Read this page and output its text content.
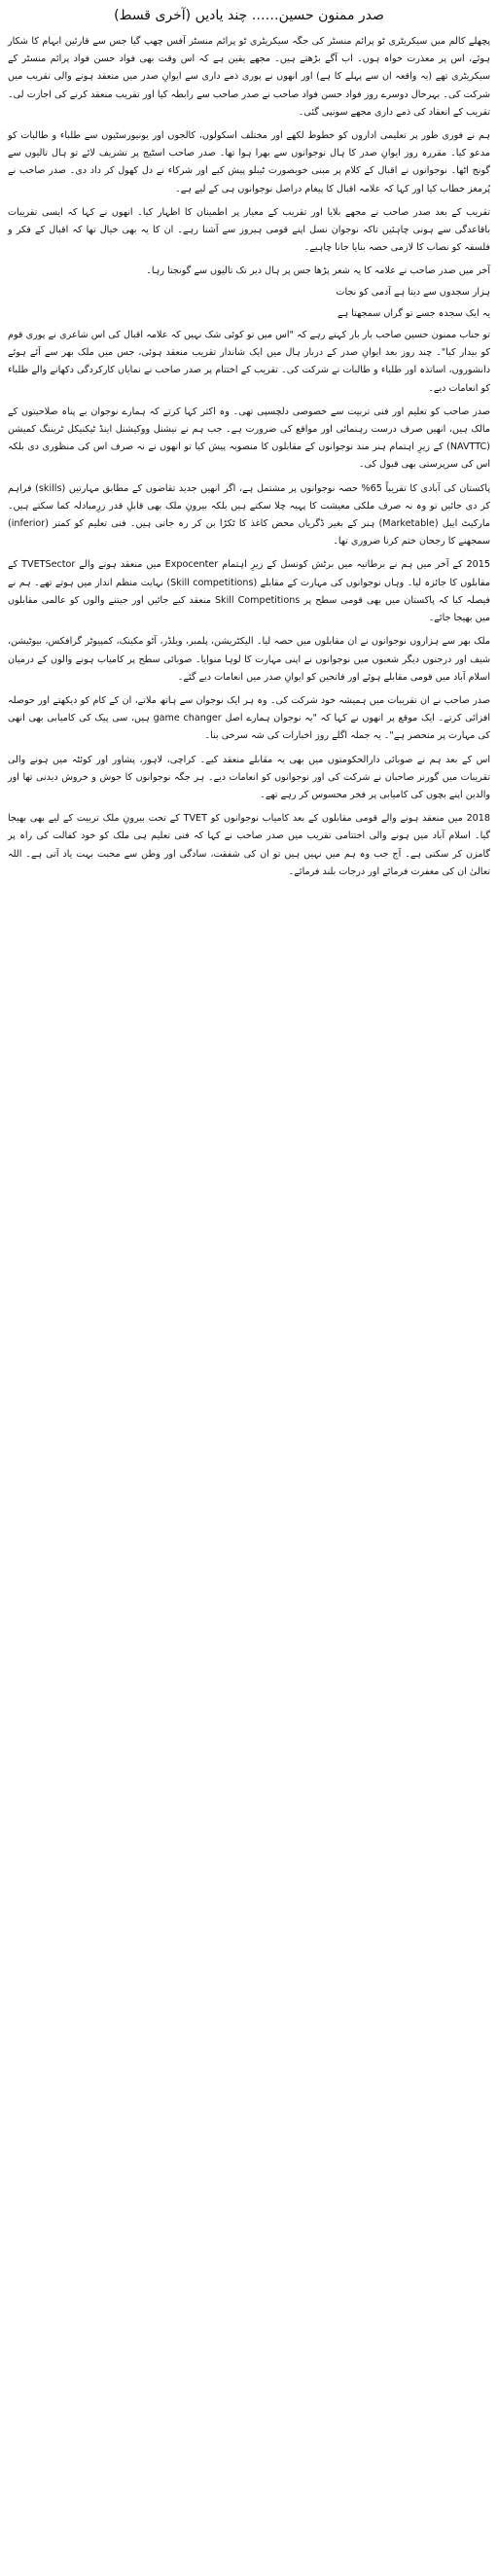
صدر ممنون حسین…… چند یادیں (آخری قسط)

پچھلے کالم میں سیکریٹری ٹو پرائم منسٹر کی جگہ سیکریٹری ٹو پرائم منسٹر آفس چھپ گیا جس سے قارئین ابہام کا شکار ہوئے، اس پر معذرت خواہ ہوں۔ اب آگے بڑھتے ہیں۔ مجھے یقین ہے کہ اس وقت بھی فواد حسن فواد پرائم منسٹر کے سیکریٹری تھے (یہ واقعہ ان سے پہلے کا ہے) اور انھوں نے پوری ذمے داری سے ایوانِ صدر میں منعقد ہونے والی تقریب میں شرکت کی۔ بہرحال دوسرے روز فواد حسن فواد صاحب نے صدر صاحب سے رابطہ کیا اور تقریب منعقد کرنے کی اجازت لی۔ تقریب کے انعقاد کی ذمے داری مجھے سونپی گئی۔

ہم نے فوری طور پر تعلیمی اداروں کو خطوط لکھے اور مختلف اسکولوں، کالجوں اور یونیورسٹیوں سے طلباء و طالبات کو مدعو کیا۔ مقررہ روز ایوانِ صدر کا ہال نوجوانوں سے بھرا ہوا تھا۔ صدر صاحب اسٹیج پر تشریف لائے تو ہال تالیوں سے گونج اٹھا۔ نوجوانوں نے اقبال کے کلام پر مبنی خوبصورت ٹیبلو پیش کیے اور شرکاء نے دل کھول کر داد دی۔ صدر صاحب نے پُرمغز خطاب کیا اور کہا کہ علامہ اقبال کا پیغام دراصل نوجوانوں ہی کے لیے ہے۔

تقریب کے بعد صدر صاحب نے مجھے بلایا اور تقریب کے معیار پر اطمینان کا اظہار کیا۔ انھوں نے کہا کہ ایسی تقریبات باقاعدگی سے ہونی چاہئیں تاکہ نوجوان نسل اپنے قومی ہیروز سے آشنا رہے۔ ان کا یہ بھی خیال تھا کہ اقبال کے فکر و فلسفہ کو نصاب کا لازمی حصہ بنایا جانا چاہیے۔

آخر میں صدر صاحب نے علامہ کا یہ شعر پڑھا جس پر ہال دیر تک تالیوں سے گونجتا رہا۔

ہزار سجدوں سے دیتا ہے آدمی کو نجات
یہ ایک سجدہ جسے تو گراں سمجھتا ہے

تو جناب ممنون حسین صاحب بار بار کہتے رہے کہ "اس میں تو کوئی شک نہیں کہ علامہ اقبال کی اس شاعری نے پوری قوم کو بیدار کیا"۔ چند روز بعد ایوانِ صدر کے دربار ہال میں ایک شاندار تقریب منعقد ہوئی، جس میں ملک بھر سے آئے ہوئے دانشوروں، اساتذہ اور طلباء و طالبات نے شرکت کی۔ تقریب کے اختتام پر صدر صاحب نے نمایاں کارکردگی دکھانے والے طلباء کو انعامات دیے۔

صدر صاحب کو تعلیم اور فنی تربیت سے خصوصی دلچسپی تھی۔ وہ اکثر کہا کرتے کہ ہمارے نوجوان بے پناہ صلاحیتوں کے مالک ہیں، انھیں صرف درست رہنمائی اور مواقع کی ضرورت ہے۔ جب ہم نے نیشنل ووکیشنل اینڈ ٹیکنیکل ٹریننگ کمیشن (NAVTTC) کے زیرِ اہتمام ہنر مند نوجوانوں کے مقابلوں کا منصوبہ پیش کیا تو انھوں نے نہ صرف اس کی منظوری دی بلکہ اس کی سرپرستی بھی قبول کی۔

پاکستان کی آبادی کا تقریباً 65% حصہ نوجوانوں پر مشتمل ہے، اگر انھیں جدید تقاضوں کے مطابق مہارتیں (skills) فراہم کر دی جائیں تو وہ نہ صرف ملکی معیشت کا پہیہ چلا سکتے ہیں بلکہ بیرونِ ملک بھی قابلِ قدر زرِمبادلہ کما سکتے ہیں۔ مارکیٹ ایبل (Marketable) ہنر کے بغیر ڈگریاں محض کاغذ کا ٹکڑا بن کر رہ جاتی ہیں۔ فنی تعلیم کو کمتر (inferior) سمجھنے کا رجحان ختم کرنا ضروری تھا۔

2015 کے آخر میں ہم نے برطانیہ میں برٹش کونسل کے زیرِ اہتمام Expocenter میں منعقد ہونے والے TVETSector کے مقابلوں کا جائزہ لیا۔ وہاں نوجوانوں کی مہارت کے مقابلے (Skill competitions) نہایت منظم انداز میں ہوتے تھے۔ ہم نے فیصلہ کیا کہ پاکستان میں بھی قومی سطح پر Skill Competitions منعقد کیے جائیں اور جیتنے والوں کو عالمی مقابلوں میں بھیجا جائے۔

ملک بھر سے ہزاروں نوجوانوں نے ان مقابلوں میں حصہ لیا۔ الیکٹریشن، پلمبر، ویلڈر، آٹو مکینک، کمپیوٹر گرافکس، بیوٹیشن، شیف اور درجنوں دیگر شعبوں میں نوجوانوں نے اپنی مہارت کا لوہا منوایا۔ صوبائی سطح پر کامیاب ہونے والوں کے درمیان اسلام آباد میں قومی مقابلے ہوئے اور فاتحین کو ایوانِ صدر میں انعامات دیے گئے۔

صدر صاحب نے ان تقریبات میں ہمیشہ خود شرکت کی۔ وہ ہر ایک نوجوان سے ہاتھ ملاتے، ان کے کام کو دیکھتے اور حوصلہ افزائی کرتے۔ ایک موقع پر انھوں نے کہا کہ "یہ نوجوان ہمارے اصل game changer ہیں، سی پیک کی کامیابی بھی انھی کی مہارت پر منحصر ہے"۔ یہ جملہ اگلے روز اخبارات کی شہ سرخی بنا۔

اس کے بعد ہم نے صوبائی دارالحکومتوں میں بھی یہ مقابلے منعقد کیے۔ کراچی، لاہور، پشاور اور کوئٹہ میں ہونے والی تقریبات میں گورنر صاحبان نے شرکت کی اور نوجوانوں کو انعامات دیے۔ ہر جگہ نوجوانوں کا جوش و خروش دیدنی تھا اور والدین اپنے بچوں کی کامیابی پر فخر محسوس کر رہے تھے۔

2018 میں منعقد ہونے والے قومی مقابلوں کے بعد کامیاب نوجوانوں کو TVET کے تحت بیرونِ ملک تربیت کے لیے بھی بھیجا گیا۔ اسلام آباد میں ہونے والی اختتامی تقریب میں صدر صاحب نے کہا کہ فنی تعلیم ہی ملک کو خود کفالت کی راہ پر گامزن کر سکتی ہے۔ آج جب وہ ہم میں نہیں ہیں تو ان کی شفقت، سادگی اور وطن سے محبت بہت یاد آتی ہے۔ اللہ تعالیٰ ان کی مغفرت فرمائے اور درجات بلند فرمائے۔
